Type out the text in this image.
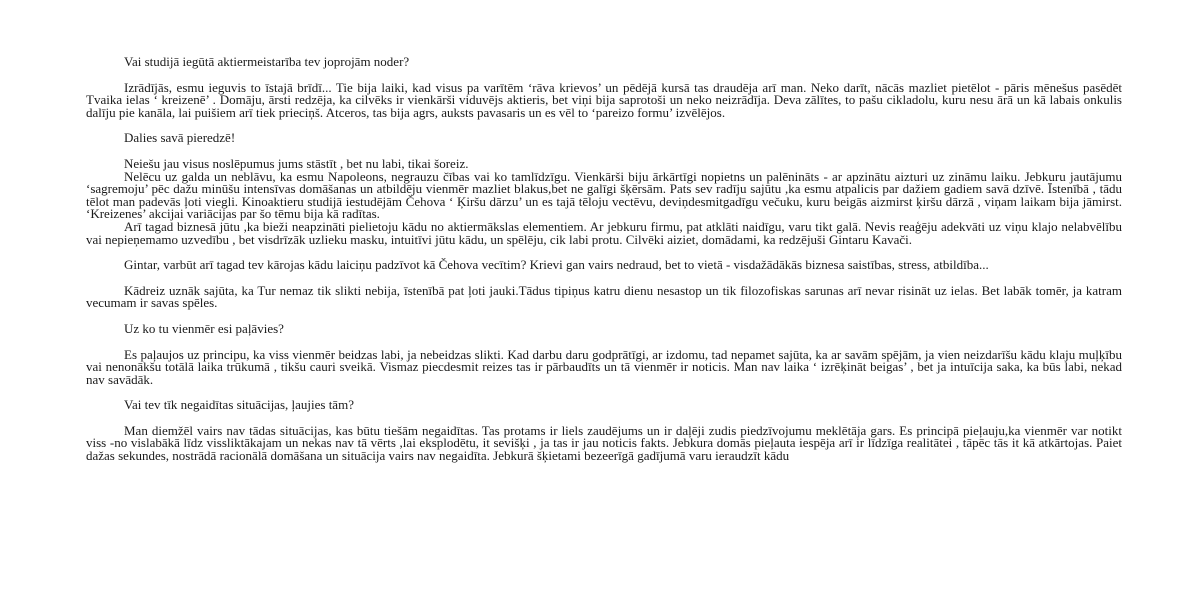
Vai studijā iegūtā aktiermeistarība tev joprojām noder?

Izrādījās, esmu ieguvis to īstajā brīdī... Tie bija laiki, kad visus pa varītēm ‘rāva krievos’ un pēdējā kursā tas draudēja arī man. Neko darīt, nācās mazliet pietēlot - pāris mēnešus pasēdēt Tvaika ielas ‘ kreizenē’ . Domāju, ārsti redzēja, ka cilvēks ir vienkārši viduvējs aktieris, bet viņi bija saprotoši un neko neizrādīja. Deva zālītes, to pašu cikladolu, kuru nesu ārā un kā labais onkulis dalīju pie kanāla, lai puišiem arī tiek prieciņš. Atceros, tas bija agrs, auksts pavasaris un es vēl to ‘pareizo formu’ izvēlējos.

Dalies savā pieredzē!

Neiešu jau visus noslēpumus jums stāstīt , bet nu labi, tikai šoreiz.

Nelēcu uz galda un neblāvu, ka esmu Napoleons, negrauzu čības vai ko tamlīdzīgu. Vienkārši biju ārkārtīgi nopietns un palēnināts - ar apzinātu aizturi uz zināmu laiku. Jebkuru jautājumu ‘sagremoju’ pēc dažu minūšu intensīvas domāšanas un atbildēju vienmēr mazliet blakus,bet ne galīgi šķērsām. Pats sev radīju sajūtu ,ka esmu atpalicis par dažiem gadiem savā dzīvē. Īstenībā , tādu tēlot man padevās ļoti viegli. Kinoaktieru studijā iestudējām Čehova ‘ Ķiršu dārzu’ un es tajā tēloju vectēvu, deviņdesmitgadīgu večuku, kuru beigās aizmirst ķiršu dārzā , viņam laikam bija jāmirst. ‘Kreizenes’ akcijai variācijas par šo tēmu bija kā radītas.

Arī tagad biznesā jūtu ,ka bieži neapzināti pielietoju kādu no aktiermākslas elementiem. Ar jebkuru firmu, pat atklāti naidīgu, varu tikt galā. Nevis reaģēju adekvāti uz viņu klajo nelabvēlību vai nepieņemamo uzvedību , bet visdrīzāk uzlieku masku, intuitīvi jūtu kādu, un spēlēju, cik labi protu. Cilvēki aiziet, domādami, ka redzējuši Gintaru Kavači.

Gintar, varbūt arī tagad tev kārojas kādu laiciņu padzīvot kā Čehova vecītim? Krievi gan vairs nedraud, bet to vietā - visdažādākās biznesa saistības, stress, atbildība...

Kādreiz uznāk sajūta, ka Tur nemaz tik slikti nebija, īstenībā pat ļoti jauki.Tādus tipiņus katru dienu nesastop un tik filozofiskas sarunas arī nevar risināt uz ielas. Bet labāk tomēr, ja katram vecumam ir savas spēles.

Uz ko tu vienmēr esi paļāvies?

Es paļaujos uz principu, ka viss vienmēr beidzas labi, ja nebeidzas slikti. Kad darbu daru godprātīgi, ar izdomu, tad nepamet sajūta, ka ar savām spējām, ja vien neizdarīšu kādu klaju muļķību vai nenonākšu totālā laika trūkumā , tikšu cauri sveikā. Vismaz piecdesmit reizes tas ir pārbaudīts un tā vienmēr ir noticis. Man nav laika ‘ izrēķināt beigas’ , bet ja intuīcija saka, ka būs labi, nekad nav savādāk.

Vai tev tīk negaidītas situācijas, ļaujies tām?

Man diemžēl vairs nav tādas situācijas, kas būtu tiešām negaidītas. Tas protams ir liels zaudējums un ir daļēji zudis piedzīvojumu meklētāja gars. Es principā pieļauju,ka vienmēr var notikt viss -no vislabākā līdz vissliktākajam un nekas nav tā vērts ,lai eksplodētu, it sevišķi , ja tas ir jau noticis fakts. Jebkura domās pieļauta iespēja arī ir līdzīga realitātei , tāpēc tās it kā atkārtojas. Paiet dažas sekundes, nostrādā racionālā domāšana un situācija vairs nav negaidīta. Jebkurā šķietami bezeerīgā gadījumā varu ieraudzīt kādu
